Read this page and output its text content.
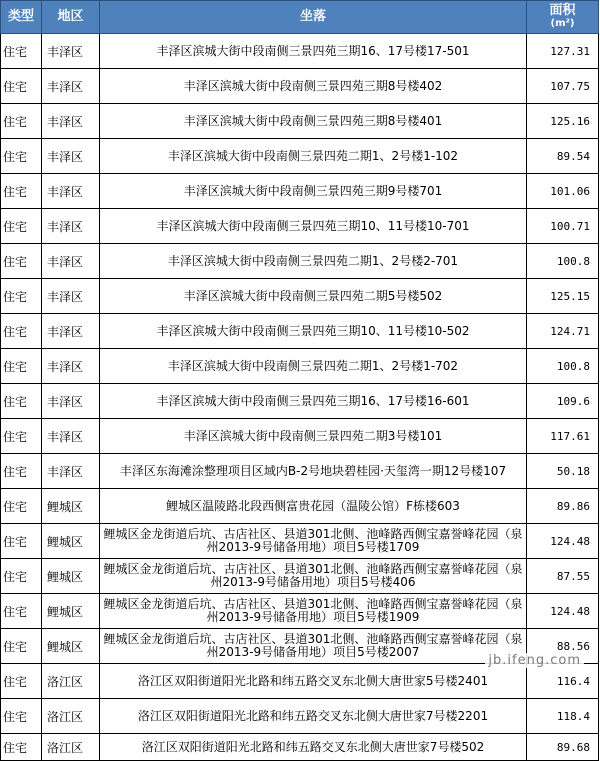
类型	地区	坐落	面积
(m²)

住宅	丰泽区	丰泽区滨城大街中段南侧三景四苑三期16、17号楼17-501	127.31
住宅	丰泽区	丰泽区滨城大街中段南侧三景四苑三期8号楼402	107.75
住宅	丰泽区	丰泽区滨城大街中段南侧三景四苑三期8号楼401	125.16
住宅	丰泽区	丰泽区滨城大街中段南侧三景四苑二期1、2号楼1-102	89.54
住宅	丰泽区	丰泽区滨城大街中段南侧三景四苑三期9号楼701	101.06
住宅	丰泽区	丰泽区滨城大街中段南侧三景四苑三期10、11号楼10-701	100.71
住宅	丰泽区	丰泽区滨城大街中段南侧三景四苑二期1、2号楼2-701	100.8
住宅	丰泽区	丰泽区滨城大街中段南侧三景四苑二期5号楼502	125.15
住宅	丰泽区	丰泽区滨城大街中段南侧三景四苑三期10、11号楼10-502	124.71
住宅	丰泽区	丰泽区滨城大街中段南侧三景四苑二期1、2号楼1-702	100.8
住宅	丰泽区	丰泽区滨城大街中段南侧三景四苑三期16、17号楼16-601	109.6
住宅	丰泽区	丰泽区滨城大街中段南侧三景四苑二期3号楼101	117.61
住宅	丰泽区	丰泽区东海滩涂整理项目区域内B-2号地块碧桂园·天玺湾一期12号楼107	50.18
住宅	鲤城区	鲤城区温陵路北段西侧富贵花园（温陵公馆）F栋楼603	89.86
住宅	鲤城区	鲤城区金龙街道后坑、古店社区、县道301北侧、池峰路西侧宝嘉誉峰花园（泉州2013-9号储备用地）项目5号楼1709	124.48
住宅	鲤城区	鲤城区金龙街道后坑、古店社区、县道301北侧、池峰路西侧宝嘉誉峰花园（泉州2013-9号储备用地）项目5号楼406	87.55
住宅	鲤城区	鲤城区金龙街道后坑、古店社区、县道301北侧、池峰路西侧宝嘉誉峰花园（泉州2013-9号储备用地）项目5号楼1909	124.48
住宅	鲤城区	鲤城区金龙街道后坑、古店社区、县道301北侧、池峰路西侧宝嘉誉峰花园（泉州2013-9号储备用地）项目5号楼2007	88.56
住宅	洛江区	洛江区双阳街道阳光北路和纬五路交叉东北侧大唐世家5号楼2401	116.4
住宅	洛江区	洛江区双阳街道阳光北路和纬五路交叉东北侧大唐世家7号楼2201	118.4
住宅	洛江区	洛江区双阳街道阳光北路和纬五路交叉东北侧大唐世家7号楼502	89.68
jb.ifeng.com
